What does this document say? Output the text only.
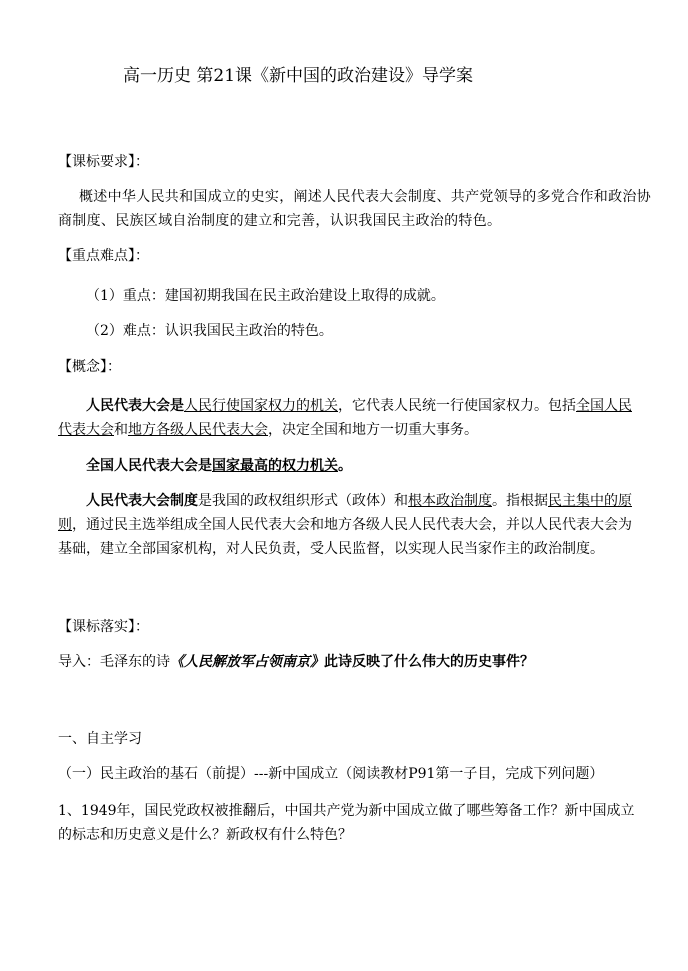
高一历史 第21课《新中国的政治建设》导学案
【课标要求】：
概述中华人民共和国成立的史实，阐述人民代表大会制度、共产党领导的多党合作和政治协
商制度、民族区域自治制度的建立和完善，认识我国民主政治的特色。
【重点难点】：
（1）重点：建国初期我国在民主政治建设上取得的成就。
（2）难点：认识我国民主政治的特色。
【概念】：
人民代表大会是人民行使国家权力的机关，它代表人民统一行使国家权力。包括全国人民
代表大会和地方各级人民代表大会，决定全国和地方一切重大事务。
全国人民代表大会是国家最高的权力机关。
人民代表大会制度是我国的政权组织形式（政体）和根本政治制度。指根据民主集中的原
则，通过民主选举组成全国人民代表大会和地方各级人民人民代表大会，并以人民代表大会为
基础，建立全部国家机构，对人民负责，受人民监督，以实现人民当家作主的政治制度。
【课标落实】：
导入：毛泽东的诗《人民解放军占领南京》此诗反映了什么伟大的历史事件？
一、自主学习
（一）民主政治的基石（前提）---新中国成立（阅读教材P91第一子目，完成下列问题）
1、1949年，国民党政权被推翻后，中国共产党为新中国成立做了哪些筹备工作？新中国成立
的标志和历史意义是什么？新政权有什么特色？
